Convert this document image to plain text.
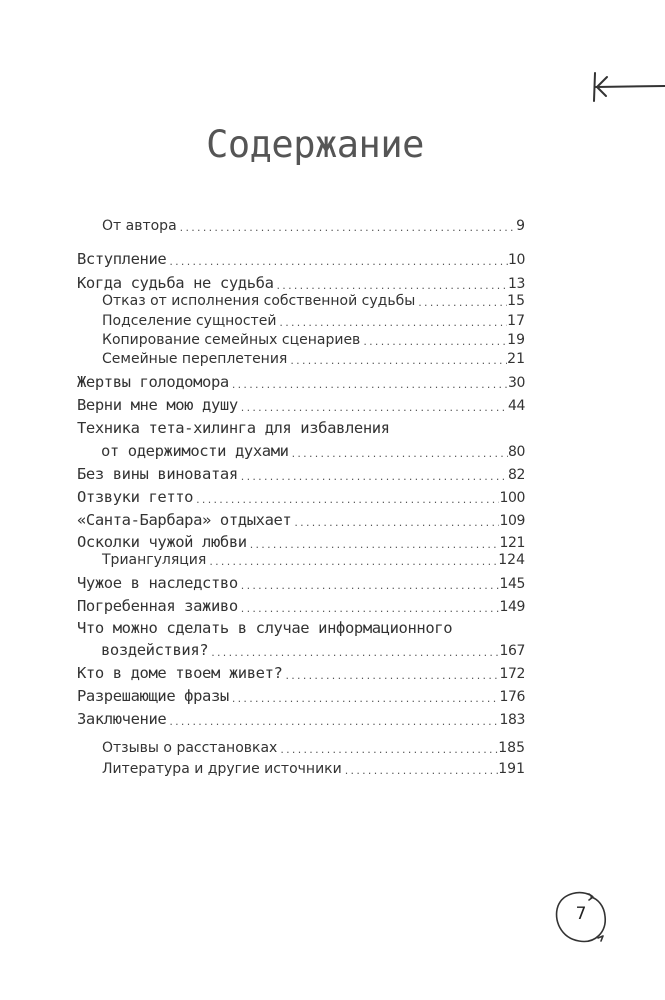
Содержание
От автора .....	9
Вступление .....	10
Когда судьба не судьба .....	13
Отказ от исполнения собственной судьбы .....	15
Подселение сущностей .....	17
Копирование семейных сценариев .....	19
Семейные переплетения .....	21
Жертвы голодомора .....	30
Верни мне мою душу .....	44
Техника тета-хилинга для избавления
от одержимости духами .....	80
Без вины виноватая .....	82
Отзвуки гетто .....	100
«Санта-Барбара» отдыхает .....	109
Осколки чужой любви .....	121
Триангуляция .....	124
Чужое в наследство .....	145
Погребенная заживо .....	149
Что можно сделать в случае информационного
воздействия? .....	167
Кто в доме твоем живет? .....	172
Разрешающие фразы .....	176
Заключение .....	183
Отзывы о расстановках .....	185
Литература и другие источники .....	191
7
